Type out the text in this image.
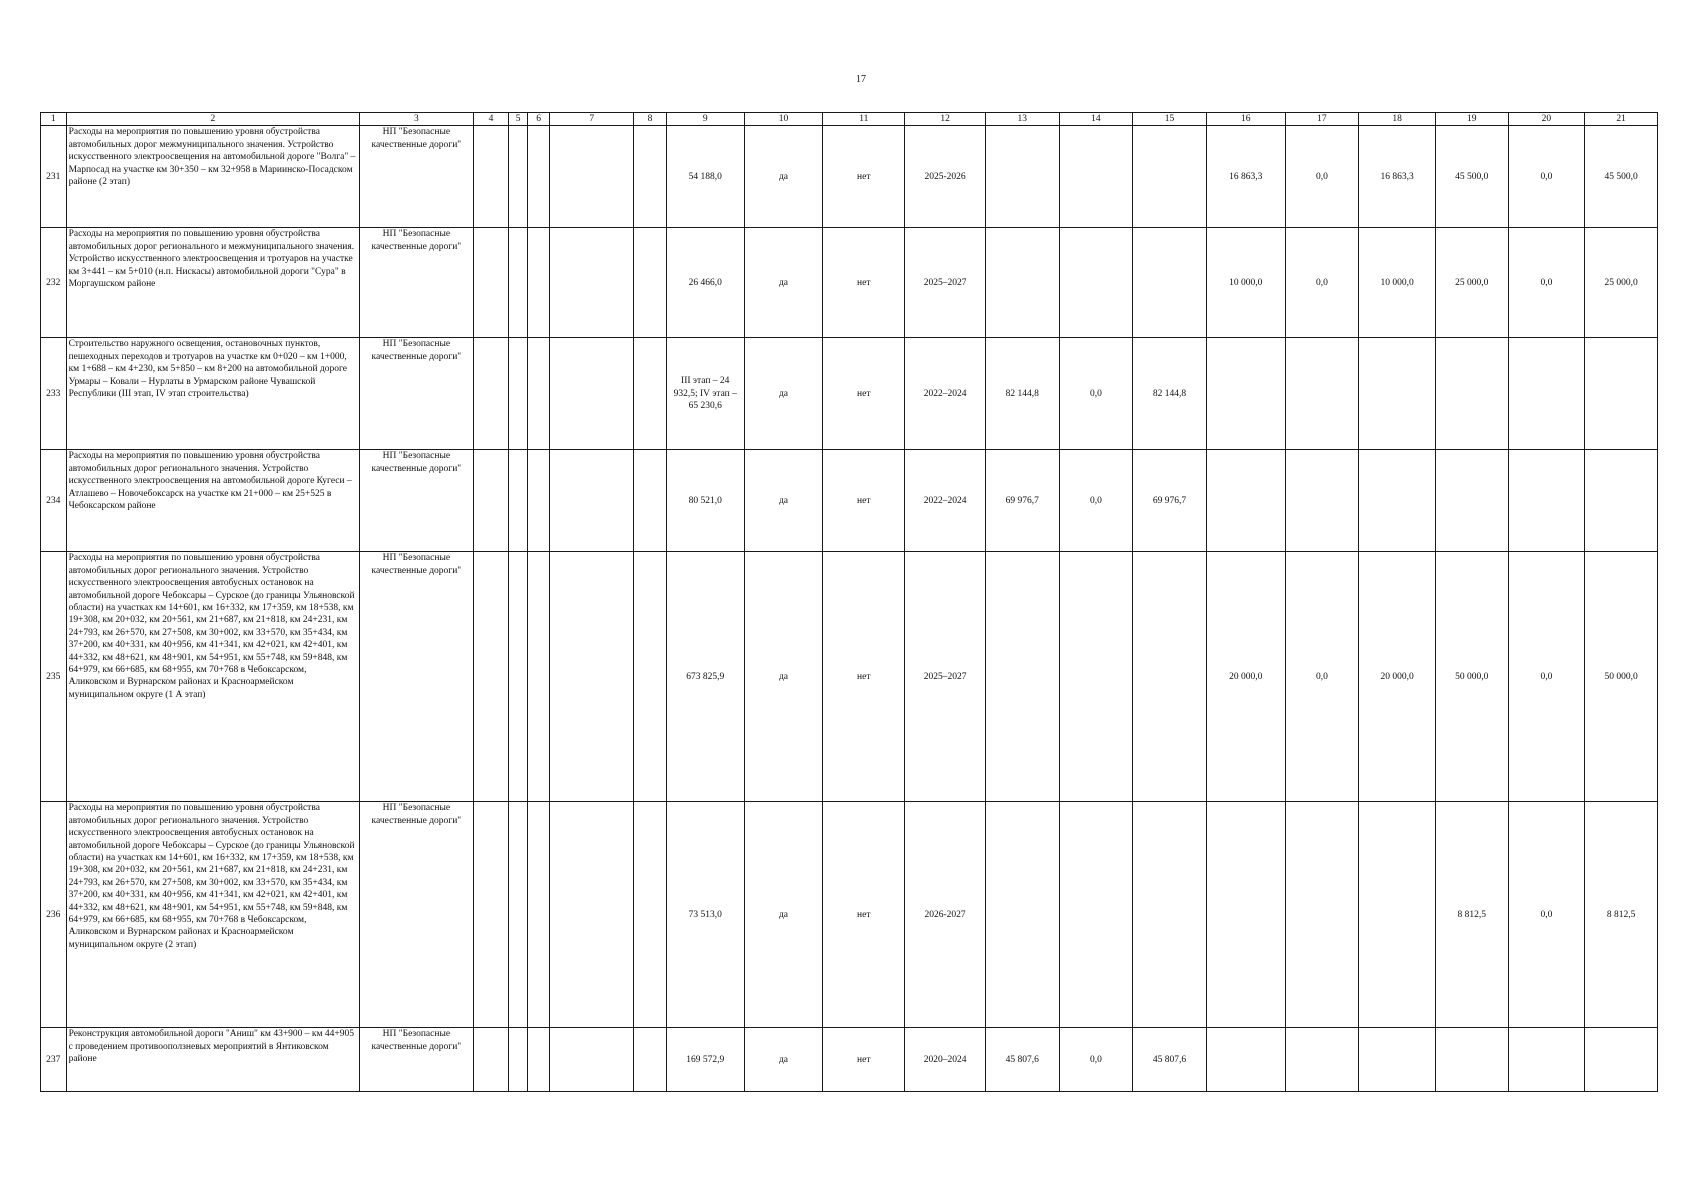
17
1	2	3	4	5	6	7	8	9	10	11	12	13	14	15	16	17	18	19	20	21
231	Расходы на мероприятия по повышению уровня обустройства автомобильных дорог межмуниципального значения. Устройство искусственного электроосвещения на автомобильной дороге "Волга" – Марпосад на участке км 30+350 – км 32+958 в Мариинско-Посадском районе (2 этап)	НП "Безопасные качественные дороги"						54 188,0	да	нет	2025-2026				16 863,3	0,0	16 863,3	45 500,0	0,0	45 500,0
232	Расходы на мероприятия по повышению уровня обустройства автомобильных дорог регионального и межмуниципального значения. Устройство искусственного электроосвещения и тротуаров на участке км 3+441 – км 5+010 (н.п. Нискасы) автомобильной дороги "Сура" в Моргаушском районе	НП "Безопасные качественные дороги"						26 466,0	да	нет	2025–2027				10 000,0	0,0	10 000,0	25 000,0	0,0	25 000,0
233	Строительство наружного освещения, остановочных пунктов, пешеходных переходов и тротуаров на участке км 0+020 – км 1+000, км 1+688 – км 4+230, км 5+850 – км 8+200 на автомобильной дороге Урмары – Ковали – Нурлаты в Урмарском районе Чувашской Республики (III этап, IV этап строительства)	НП "Безопасные качественные дороги"						III этап – 24 932,5; IV этап – 65 230,6	да	нет	2022–2024	82 144,8	0,0	82 144,8						
234	Расходы на мероприятия по повышению уровня обустройства автомобильных дорог регионального значения. Устройство искусственного электроосвещения на автомобильной дороге Кугеси – Атлашево – Новочебоксарск на участке км 21+000 – км 25+525 в Чебоксарском районе	НП "Безопасные качественные дороги"						80 521,0	да	нет	2022–2024	69 976,7	0,0	69 976,7						
235	Расходы на мероприятия по повышению уровня обустройства автомобильных дорог регионального значения. Устройство искусственного электроосвещения автобусных остановок на автомобильной дороге Чебоксары – Сурское (до границы Ульяновской области) на участках км 14+601, км 16+332, км 17+359, км 18+538, км 19+308, км 20+032, км 20+561, км 21+687, км 21+818, км 24+231, км 24+793, км 26+570, км 27+508, км 30+002, км 33+570, км 35+434, км 37+200, км 40+331, км 40+956, км 41+341, км 42+021, км 42+401, км 44+332, км 48+621, км 48+901, км 54+951, км 55+748, км 59+848, км 64+979, км 66+685, км 68+955, км 70+768 в Чебоксарском, Аликовском и Вурнарском районах и Красноармейском муниципальном округе (1 А этап)	НП "Безопасные качественные дороги"						673 825,9	да	нет	2025–2027				20 000,0	0,0	20 000,0	50 000,0	0,0	50 000,0
236	Расходы на мероприятия по повышению уровня обустройства автомобильных дорог регионального значения. Устройство искусственного электроосвещения автобусных остановок на автомобильной дороге Чебоксары – Сурское (до границы Ульяновской области) на участках км 14+601, км 16+332, км 17+359, км 18+538, км 19+308, км 20+032, км 20+561, км 21+687, км 21+818, км 24+231, км 24+793, км 26+570, км 27+508, км 30+002, км 33+570, км 35+434, км 37+200, км 40+331, км 40+956, км 41+341, км 42+021, км 42+401, км 44+332, км 48+621, км 48+901, км 54+951, км 55+748, км 59+848, км 64+979, км 66+685, км 68+955, км 70+768 в Чебоксарском, Аликовском и Вурнарском районах и Красноармейском муниципальном округе (2 этап)	НП "Безопасные качественные дороги"						73 513,0	да	нет	2026-2027							8 812,5	0,0	8 812,5
237	Реконструкция автомобильной дороги "Аниш" км 43+900 – км 44+905 с проведением противооползневых мероприятий в Янтиковском районе	НП "Безопасные качественные дороги"						169 572,9	да	нет	2020–2024	45 807,6	0,0	45 807,6						
